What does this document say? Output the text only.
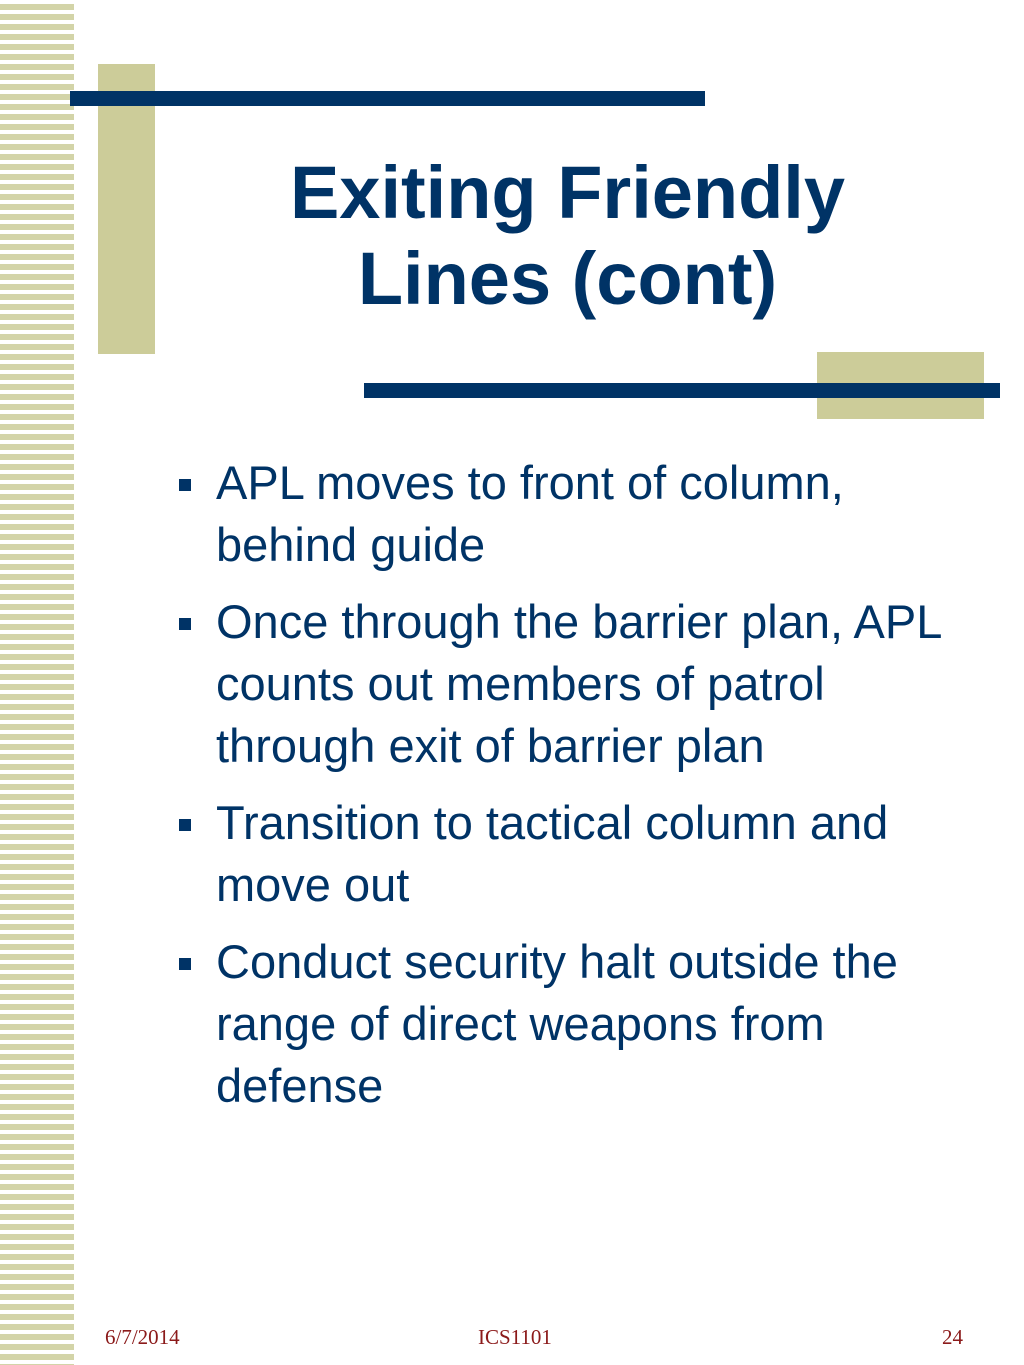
Exiting Friendly
Lines (cont)
APL moves to front of column, behind guide
Once through the barrier plan, APL counts out members of patrol through exit of barrier plan
Transition to tactical column and move out
Conduct security halt outside the range of direct weapons from defense
6/7/2014	ICS1101	24
